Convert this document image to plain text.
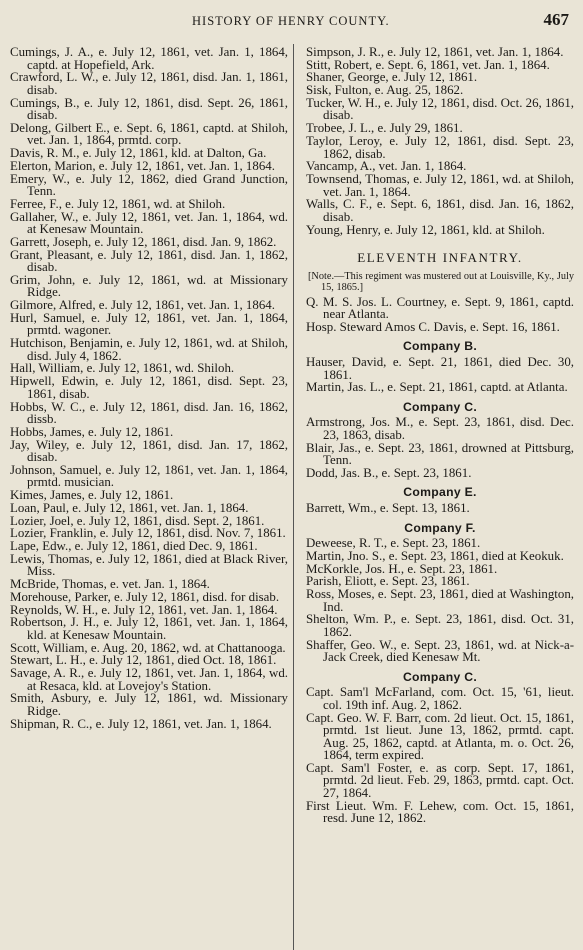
HISTORY OF HENRY COUNTY.	467

Cumings, J. A., e. July 12, 1861, vet. Jan. 1, 1864, captd. at Hopefield, Ark.

Crawford, L. W., e. July 12, 1861, disd. Jan. 1, 1861, disab.

Cumings, B., e. July 12, 1861, disd. Sept. 26, 1861, disab.

Delong, Gilbert E., e. Sept. 6, 1861, captd. at Shiloh, vet. Jan. 1, 1864, prmtd. corp.

Davis, R. M., e. July 12, 1861, kld. at Dalton, Ga.

Elerton, Marion, e. July 12, 1861, vet. Jan. 1, 1864.

Emery, W., e. July 12, 1862, died Grand Junction, Tenn.

Ferree, F., e. July 12, 1861, wd. at Shiloh.

Gallaher, W., e. July 12, 1861, vet. Jan. 1, 1864, wd. at Kenesaw Mountain.

Garrett, Joseph, e. July 12, 1861, disd. Jan. 9, 1862.

Grant, Pleasant, e. July 12, 1861, disd. Jan. 1, 1862, disab.

Grim, John, e. July 12, 1861, wd. at Missionary Ridge.

Gilmore, Alfred, e. July 12, 1861, vet. Jan. 1, 1864.

Hurl, Samuel, e. July 12, 1861, vet. Jan. 1, 1864, prmtd. wagoner.

Hutchison, Benjamin, e. July 12, 1861, wd. at Shiloh, disd. July 4, 1862.

Hall, William, e. July 12, 1861, wd. Shiloh.

Hipwell, Edwin, e. July 12, 1861, disd. Sept. 23, 1861, disab.

Hobbs, W. C., e. July 12, 1861, disd. Jan. 16, 1862, dissb.

Hobbs, James, e. July 12, 1861.

Jay, Wiley, e. July 12, 1861, disd. Jan. 17, 1862, disab.

Johnson, Samuel, e. July 12, 1861, vet. Jan. 1, 1864, prmtd. musician.

Kimes, James, e. July 12, 1861.

Loan, Paul, e. July 12, 1861, vet. Jan. 1, 1864.

Lozier, Joel, e. July 12, 1861, disd. Sept. 2, 1861.

Lozier, Franklin, e. July 12, 1861, disd. Nov. 7, 1861.

Lape, Edw., e. July 12, 1861, died Dec. 9, 1861.

Lewis, Thomas, e. July 12, 1861, died at Black River, Miss.

McBride, Thomas, e. vet. Jan. 1, 1864.

Morehouse, Parker, e. July 12, 1861, disd. for disab.

Reynolds, W. H., e. July 12, 1861, vet. Jan. 1, 1864.

Robertson, J. H., e. July 12, 1861, vet. Jan. 1, 1864, kld. at Kenesaw Mountain.

Scott, William, e. Aug. 20, 1862, wd. at Chattanooga.

Stewart, L. H., e. July 12, 1861, died Oct. 18, 1861.

Savage, A. R., e. July 12, 1861, vet. Jan. 1, 1864, wd. at Resaca, kld. at Lovejoy's Station.

Smith, Asbury, e. July 12, 1861, wd. Missionary Ridge.

Shipman, R. C., e. July 12, 1861, vet. Jan. 1, 1864.

Simpson, J. R., e. July 12, 1861, vet. Jan. 1, 1864.

Stitt, Robert, e. Sept. 6, 1861, vet. Jan. 1, 1864.

Shaner, George, e. July 12, 1861.

Sisk, Fulton, e. Aug. 25, 1862.

Tucker, W. H., e. July 12, 1861, disd. Oct. 26, 1861, disab.

Trobee, J. L., e. July 29, 1861.

Taylor, Leroy, e. July 12, 1861, disd. Sept. 23, 1862, disab.

Vancamp, A., vet. Jan. 1, 1864.

Townsend, Thomas, e. July 12, 1861, wd. at Shiloh, vet. Jan. 1, 1864.

Walls, C. F., e. Sept. 6, 1861, disd. Jan. 16, 1862, disab.

Young, Henry, e. July 12, 1861, kld. at Shiloh.

ELEVENTH INFANTRY.

[Note.—This regiment was mustered out at Louisville, Ky., July 15, 1865.]

Q. M. S. Jos. L. Courtney, e. Sept. 9, 1861, captd. near Atlanta.

Hosp. Steward Amos C. Davis, e. Sept. 16, 1861.

Company B.

Hauser, David, e. Sept. 21, 1861, died Dec. 30, 1861.

Martin, Jas. L., e. Sept. 21, 1861, captd. at Atlanta.

Company C.

Armstrong, Jos. M., e. Sept. 23, 1861, disd. Dec. 23, 1863, disab.

Blair, Jas., e. Sept. 23, 1861, drowned at Pittsburg, Tenn.

Dodd, Jas. B., e. Sept. 23, 1861.

Company E.

Barrett, Wm., e. Sept. 13, 1861.

Company F.

Deweese, R. T., e. Sept. 23, 1861.

Martin, Jno. S., e. Sept. 23, 1861, died at Keokuk.

McKorkle, Jos. H., e. Sept. 23, 1861.

Parish, Eliott, e. Sept. 23, 1861.

Ross, Moses, e. Sept. 23, 1861, died at Washington, Ind.

Shelton, Wm. P., e. Sept. 23, 1861, disd. Oct. 31, 1862.

Shaffer, Geo. W., e. Sept. 23, 1861, wd. at Nick-a-Jack Creek, died Kenesaw Mt.

Company C.

Capt. Sam'l McFarland, com. Oct. 15, '61, lieut. col. 19th inf. Aug. 2, 1862.

Capt. Geo. W. F. Barr, com. 2d lieut. Oct. 15, 1861, prmtd. 1st lieut. June 13, 1862, prmtd. capt. Aug. 25, 1862, captd. at Atlanta, m. o. Oct. 26, 1864, term expired.

Capt. Sam'l Foster, e. as corp. Sept. 17, 1861, prmtd. 2d lieut. Feb. 29, 1863, prmtd. capt. Oct. 27, 1864.

First Lieut. Wm. F. Lehew, com. Oct. 15, 1861, resd. June 12, 1862.
